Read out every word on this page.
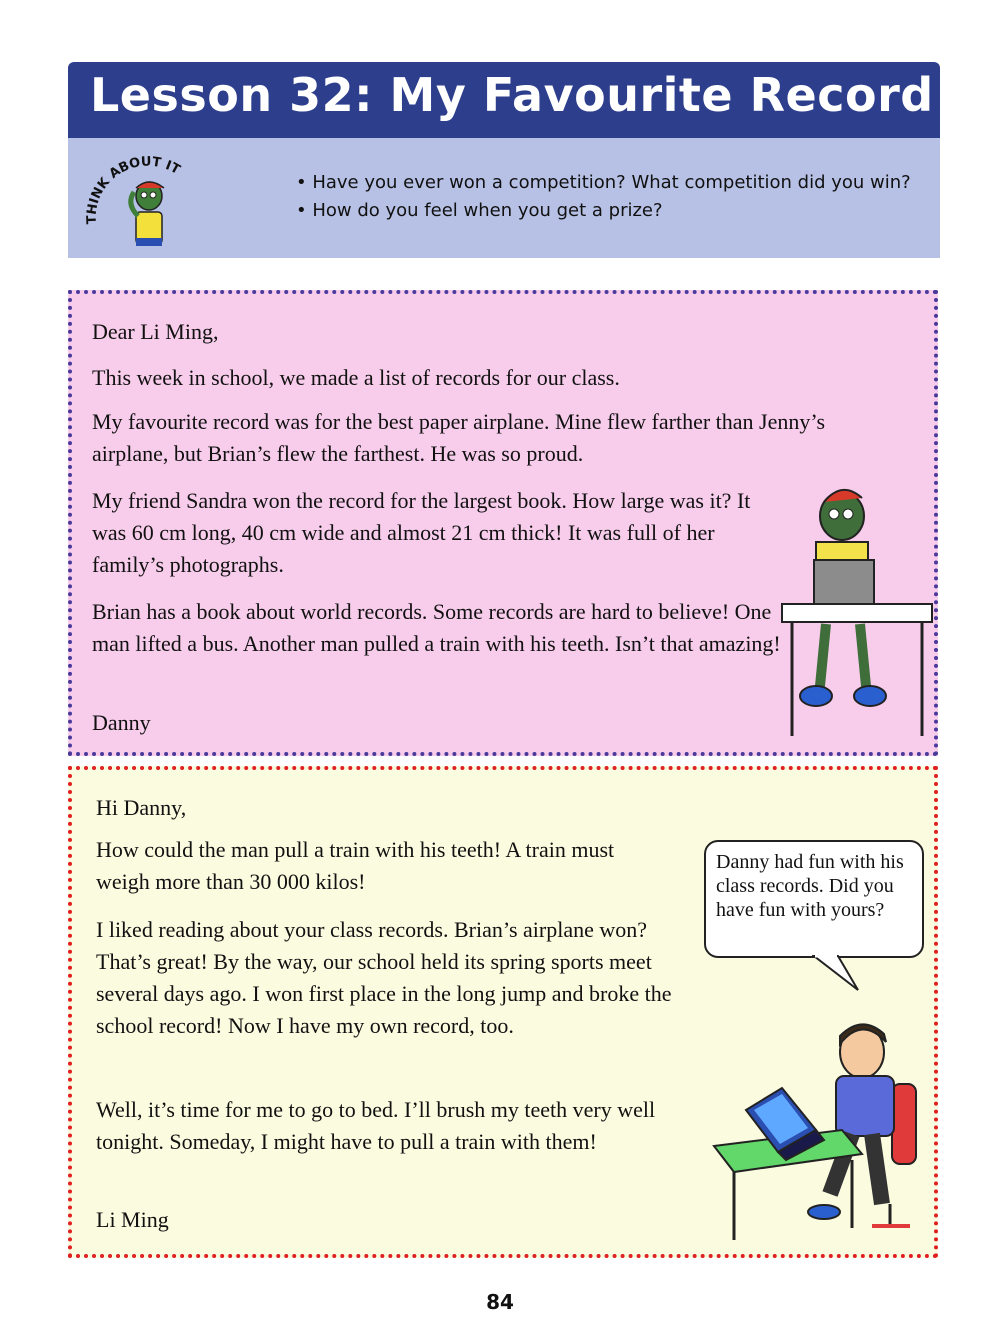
Lesson 32: My Favourite Record
THINK ABOUT IT
• Have you ever won a competition? What competition did you win?
• How do you feel when you get a prize?
Dear Li Ming,
This week in school, we made a list of records for our class.
My favourite record was for the best paper airplane. Mine flew farther than Jenny’s airplane, but Brian’s flew the farthest. He was so proud.
My friend Sandra won the record for the largest book. How large was it? It was 60 cm long, 40 cm wide and almost 21 cm thick! It was full of her family’s photographs.
Brian has a book about world records. Some records are hard to believe! One man lifted a bus. Another man pulled a train with his teeth. Isn’t that amazing!
Danny
Hi Danny,
How could the man pull a train with his teeth! A train must weigh more than 30 000 kilos!
I liked reading about your class records. Brian’s airplane won? That’s great! By the way, our school held its spring sports meet several days ago. I won first place in the long jump and broke the school record! Now I have my own record, too.
Well, it’s time for me to go to bed. I’ll brush my teeth very well tonight. Someday, I might have to pull a train with them!
Li Ming
Danny had fun with his class records. Did you have fun with yours?
84
